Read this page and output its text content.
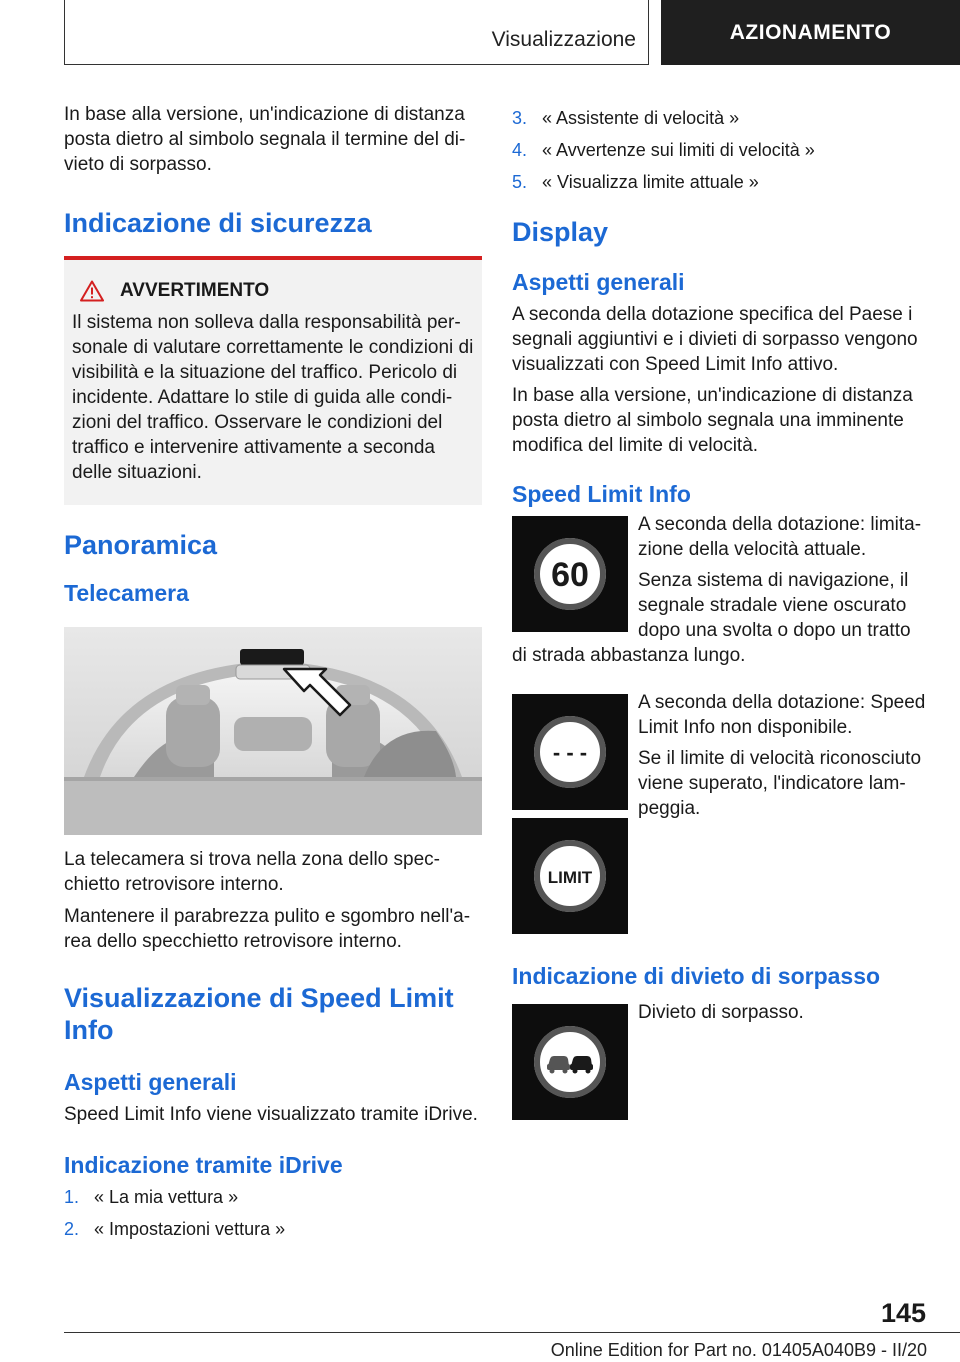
Visualizzazione	AZIONAMENTO

In base alla versione, un'indicazione di distanza posta dietro al simbolo segnala il termine del divieto di sorpasso.

Indicazione di sicurezza
AVVERTIMENTO

Il sistema non solleva dalla responsabilità personale di valutare correttamente le condizioni di visibilità e la situazione del traffico. Pericolo di incidente. Adattare lo stile di guida alle condizioni del traffico. Osservare le condizioni del traffico e intervenire attivamente a seconda delle situazioni.

Panoramica
Telecamera

La telecamera si trova nella zona dello specchietto retrovisore interno.

Mantenere il parabrezza pulito e sgombro nell'area dello specchietto retrovisore interno.

Visualizzazione di Speed Limit Info
Aspetti generali

Speed Limit Info viene visualizzato tramite iDrive.

Indicazione tramite iDrive
1. « La mia vettura »
2. « Impostazioni vettura »
3. « Assistente di velocità »
4. « Avvertenze sui limiti di velocità »
5. « Visualizza limite attuale »
Display
Aspetti generali

A seconda della dotazione specifica del Paese i segnali aggiuntivi e i divieti di sorpasso vengono visualizzati con Speed Limit Info attivo.

In base alla versione, un'indicazione di distanza posta dietro al simbolo segnala una imminente modifica del limite di velocità.

Speed Limit Info
60

A seconda della dotazione: limitazione della velocità attuale.

Senza sistema di navigazione, il segnale stradale viene oscurato dopo una svolta o dopo un tratto di strada abbastanza lungo.

- - -
LIMIT

A seconda della dotazione: Speed Limit Info non disponibile.

Se il limite di velocità riconosciuto viene superato, l'indicatore lampeggia.

Indicazione di divieto di sorpasso

Divieto di sorpasso.

145
Online Edition for Part no. 01405A040B9 - II/20
